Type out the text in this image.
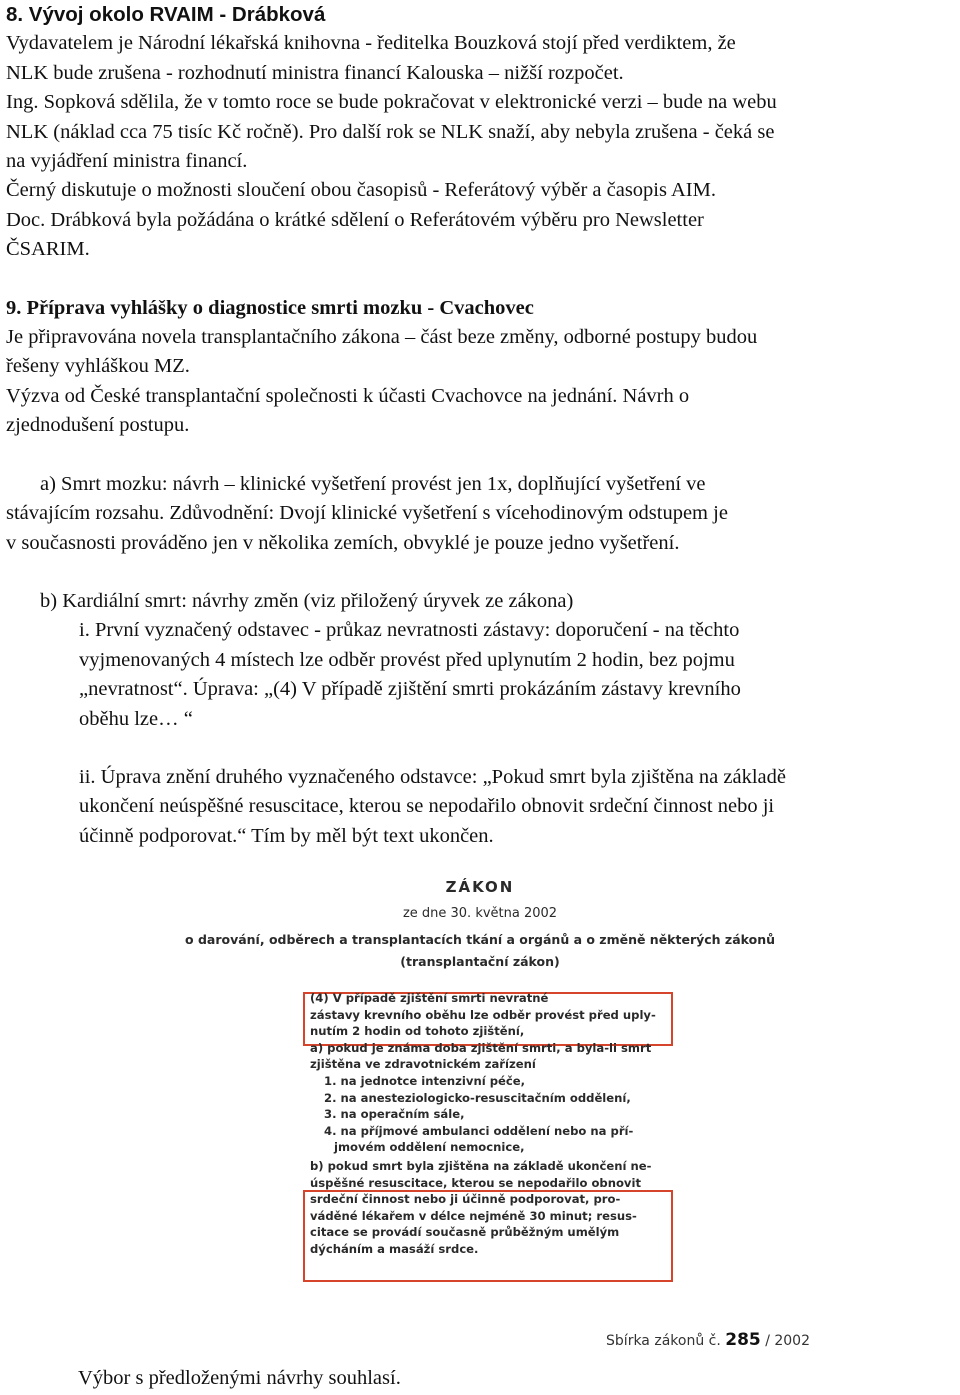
8. Vývoj okolo RVAIM - Drábková
Vydavatelem je Národní lékařská knihovna - ředitelka Bouzková stojí před verdiktem, že
NLK bude zrušena - rozhodnutí ministra financí Kalouska – nižší rozpočet.
Ing. Sopková sdělila, že v tomto roce se bude pokračovat v elektronické verzi – bude na webu
NLK (náklad cca 75 tisíc Kč ročně). Pro další rok se NLK snaží, aby nebyla zrušena - čeká se
na vyjádření ministra financí.
Černý diskutuje o možnosti sloučení obou časopisů - Referátový výběr a časopis AIM.
Doc. Drábková byla požádána o krátké sdělení o Referátovém výběru pro Newsletter
ČSARIM.
9. Příprava vyhlášky o diagnostice smrti mozku - Cvachovec
Je připravována novela transplantačního zákona – část beze změny, odborné postupy budou
řešeny vyhláškou MZ.
Výzva od České transplantační společnosti k účasti Cvachovce na jednání. Návrh o
zjednodušení postupu.
a) Smrt mozku: návrh – klinické vyšetření provést jen 1x, doplňující vyšetření ve
stávajícím rozsahu. Zdůvodnění: Dvojí klinické vyšetření s vícehodinovým odstupem je
v současnosti prováděno jen v několika zemích, obvyklé je pouze jedno vyšetření.
b) Kardiální smrt: návrhy změn (viz přiložený úryvek ze zákona)
i. První vyznačený odstavec - průkaz nevratnosti zástavy: doporučení - na těchto
vyjmenovaných 4 místech lze odběr provést před uplynutím 2 hodin, bez pojmu
„nevratnost“. Úprava: „(4) V případě zjištění smrti prokázáním zástavy krevního
oběhu lze… “
ii. Úprava znění druhého vyznačeného odstavce: „Pokud smrt byla zjištěna na základě
ukončení neúspěšné resuscitace, kterou se nepodařilo obnovit srdeční činnost nebo ji
účinně podporovat.“ Tím by měl být text ukončen.
ZÁKON
ze dne 30. května 2002
o darování, odběrech a transplantacích tkání a orgánů a o změně některých zákonů
(transplantační zákon)
(4) V případě zjištění smrti nevratné
zástavy krevního oběhu lze odběr provést před uply-
nutím 2 hodin od tohoto zjištění,
a) pokud je známa doba zjištění smrti, a byla-li smrt
zjištěna ve zdravotnickém zařízení
1. na jednotce intenzivní péče,
2. na anesteziologicko-resuscitačním oddělení,
3. na operačním sále,
4. na příjmové ambulanci oddělení nebo na pří-
jmovém oddělení nemocnice,
b) pokud smrt byla zjištěna na základě ukončení ne-
úspěšné resuscitace, kterou se nepodařilo obnovit
srdeční činnost nebo ji účinně podporovat, pro-
váděné lékařem v délce nejméně 30 minut; resus-
citace se provádí současně průběžným umělým
dýcháním a masáží srdce.
Sbírka zákonů č. 285 / 2002
Výbor s předloženými návrhy souhlasí.
